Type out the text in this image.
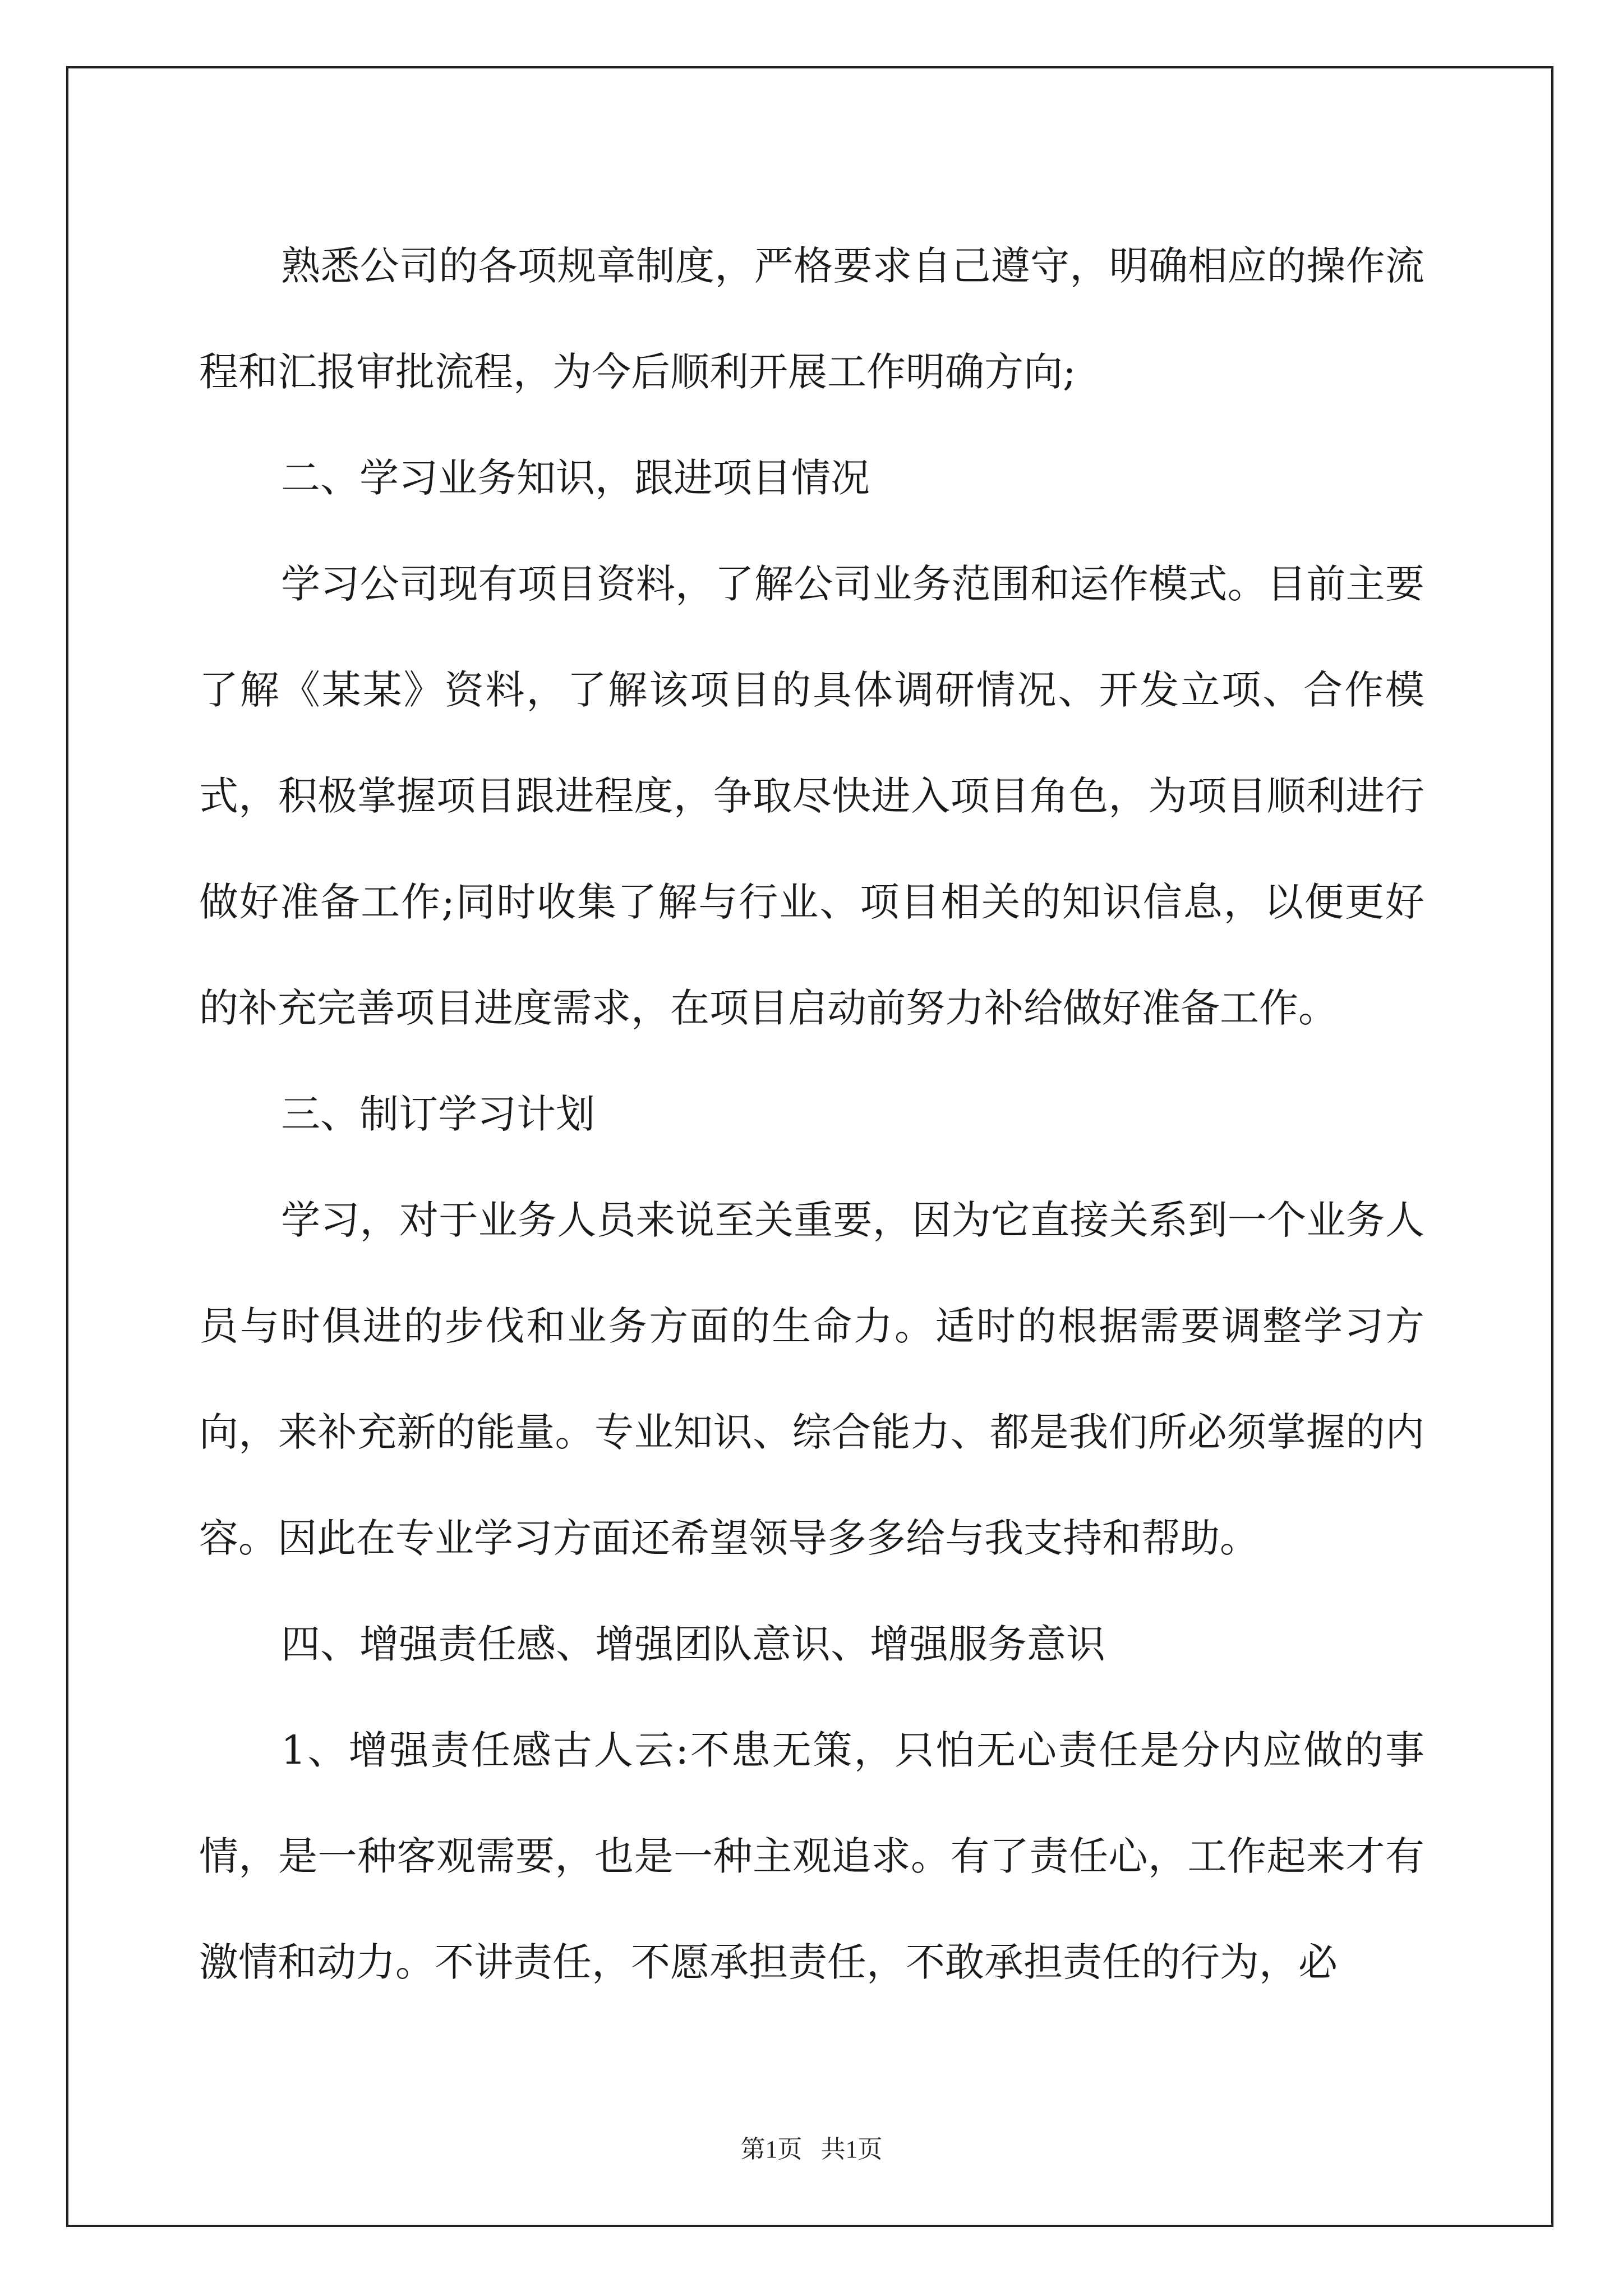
熟悉公司的各项规章制度，严格要求自己遵守，明确相应的操作流程和汇报审批流程，为今后顺利开展工作明确方向;

二、学习业务知识，跟进项目情况

学习公司现有项目资料，了解公司业务范围和运作模式。目前主要了解《某某》资料，了解该项目的具体调研情况、开发立项、合作模式，积极掌握项目跟进程度，争取尽快进入项目角色，为项目顺利进行做好准备工作;同时收集了解与行业、项目相关的知识信息，以便更好的补充完善项目进度需求，在项目启动前努力补给做好准备工作。

三、制订学习计划

学习，对于业务人员来说至关重要，因为它直接关系到一个业务人员与时俱进的步伐和业务方面的生命力。适时的根据需要调整学习方向，来补充新的能量。专业知识、综合能力、都是我们所必须掌握的内容。因此在专业学习方面还希望领导多多给与我支持和帮助。

四、增强责任感、增强团队意识、增强服务意识

1、增强责任感古人云:不患无策，只怕无心责任是分内应做的事情，是一种客观需要，也是一种主观追求。有了责任心，工作起来才有激情和动力。不讲责任，不愿承担责任，不敢承担责任的行为，必

第1页   共1页
